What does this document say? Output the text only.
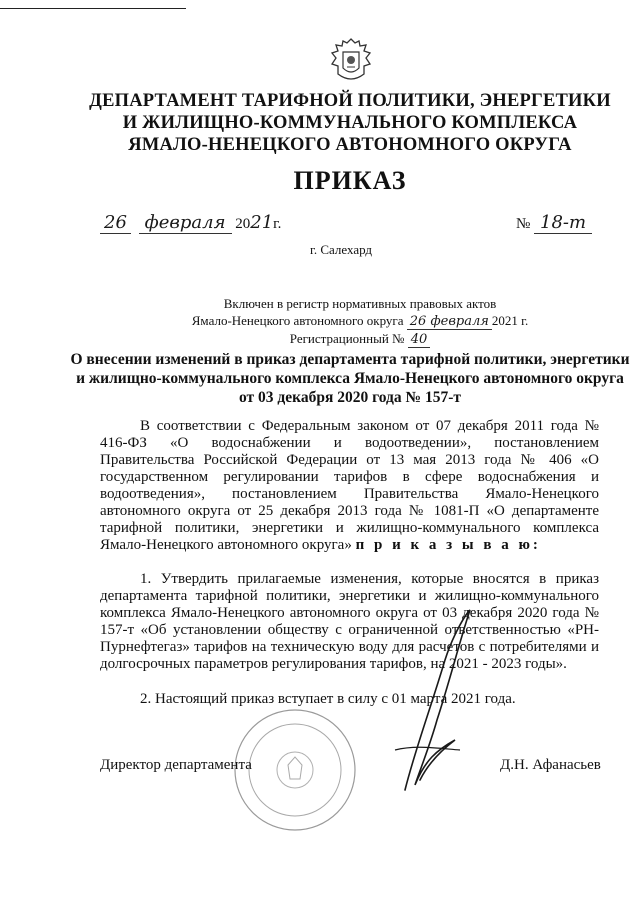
ДЕПАРТАМЕНТ ТАРИФНОЙ ПОЛИТИКИ, ЭНЕРГЕТИКИ
И ЖИЛИЩНО-КОММУНАЛЬНОГО КОМПЛЕКСА
ЯМАЛО-НЕНЕЦКОГО АВТОНОМНОГО ОКРУГА
ПРИКАЗ
26 февраля 2021г.	№ 18-т
г. Салехард
Включен в регистр нормативных правовых актов
Ямало-Ненецкого автономного округа 26 февраля 2021 г.
Регистрационный № 40
О внесении изменений в приказ департамента тарифной политики, энергетики и жилищно-коммунального комплекса Ямало-Ненецкого автономного округа от 03 декабря 2020 года № 157-т

В соответствии с Федеральным законом от 07 декабря 2011 года № 416-ФЗ «О водоснабжении и водоотведении», постановлением Правительства Российской Федерации от 13 мая 2013 года № 406 «О государственном регулировании тарифов в сфере водоснабжения и водоотведения», постановлением Правительства Ямало-Ненецкого автономного округа от 25 декабря 2013 года № 1081-П «О департаменте тарифной политики, энергетики и жилищно-коммунального комплекса Ямало-Ненецкого автономного округа» п р и к а з ы в а ю:

1. Утвердить прилагаемые изменения, которые вносятся в приказ департамента тарифной политики, энергетики и жилищно-коммунального комплекса Ямало-Ненецкого автономного округа от 03 декабря 2020 года № 157-т «Об установлении обществу с ограниченной ответственностью «РН-Пурнефтегаз» тарифов на техническую воду для расчетов с потребителями и долгосрочных параметров регулирования тарифов, на 2021 - 2023 годы».

2. Настоящий приказ вступает в силу с 01 марта 2021 года.

Директор департамента	Д.Н. Афанасьев
